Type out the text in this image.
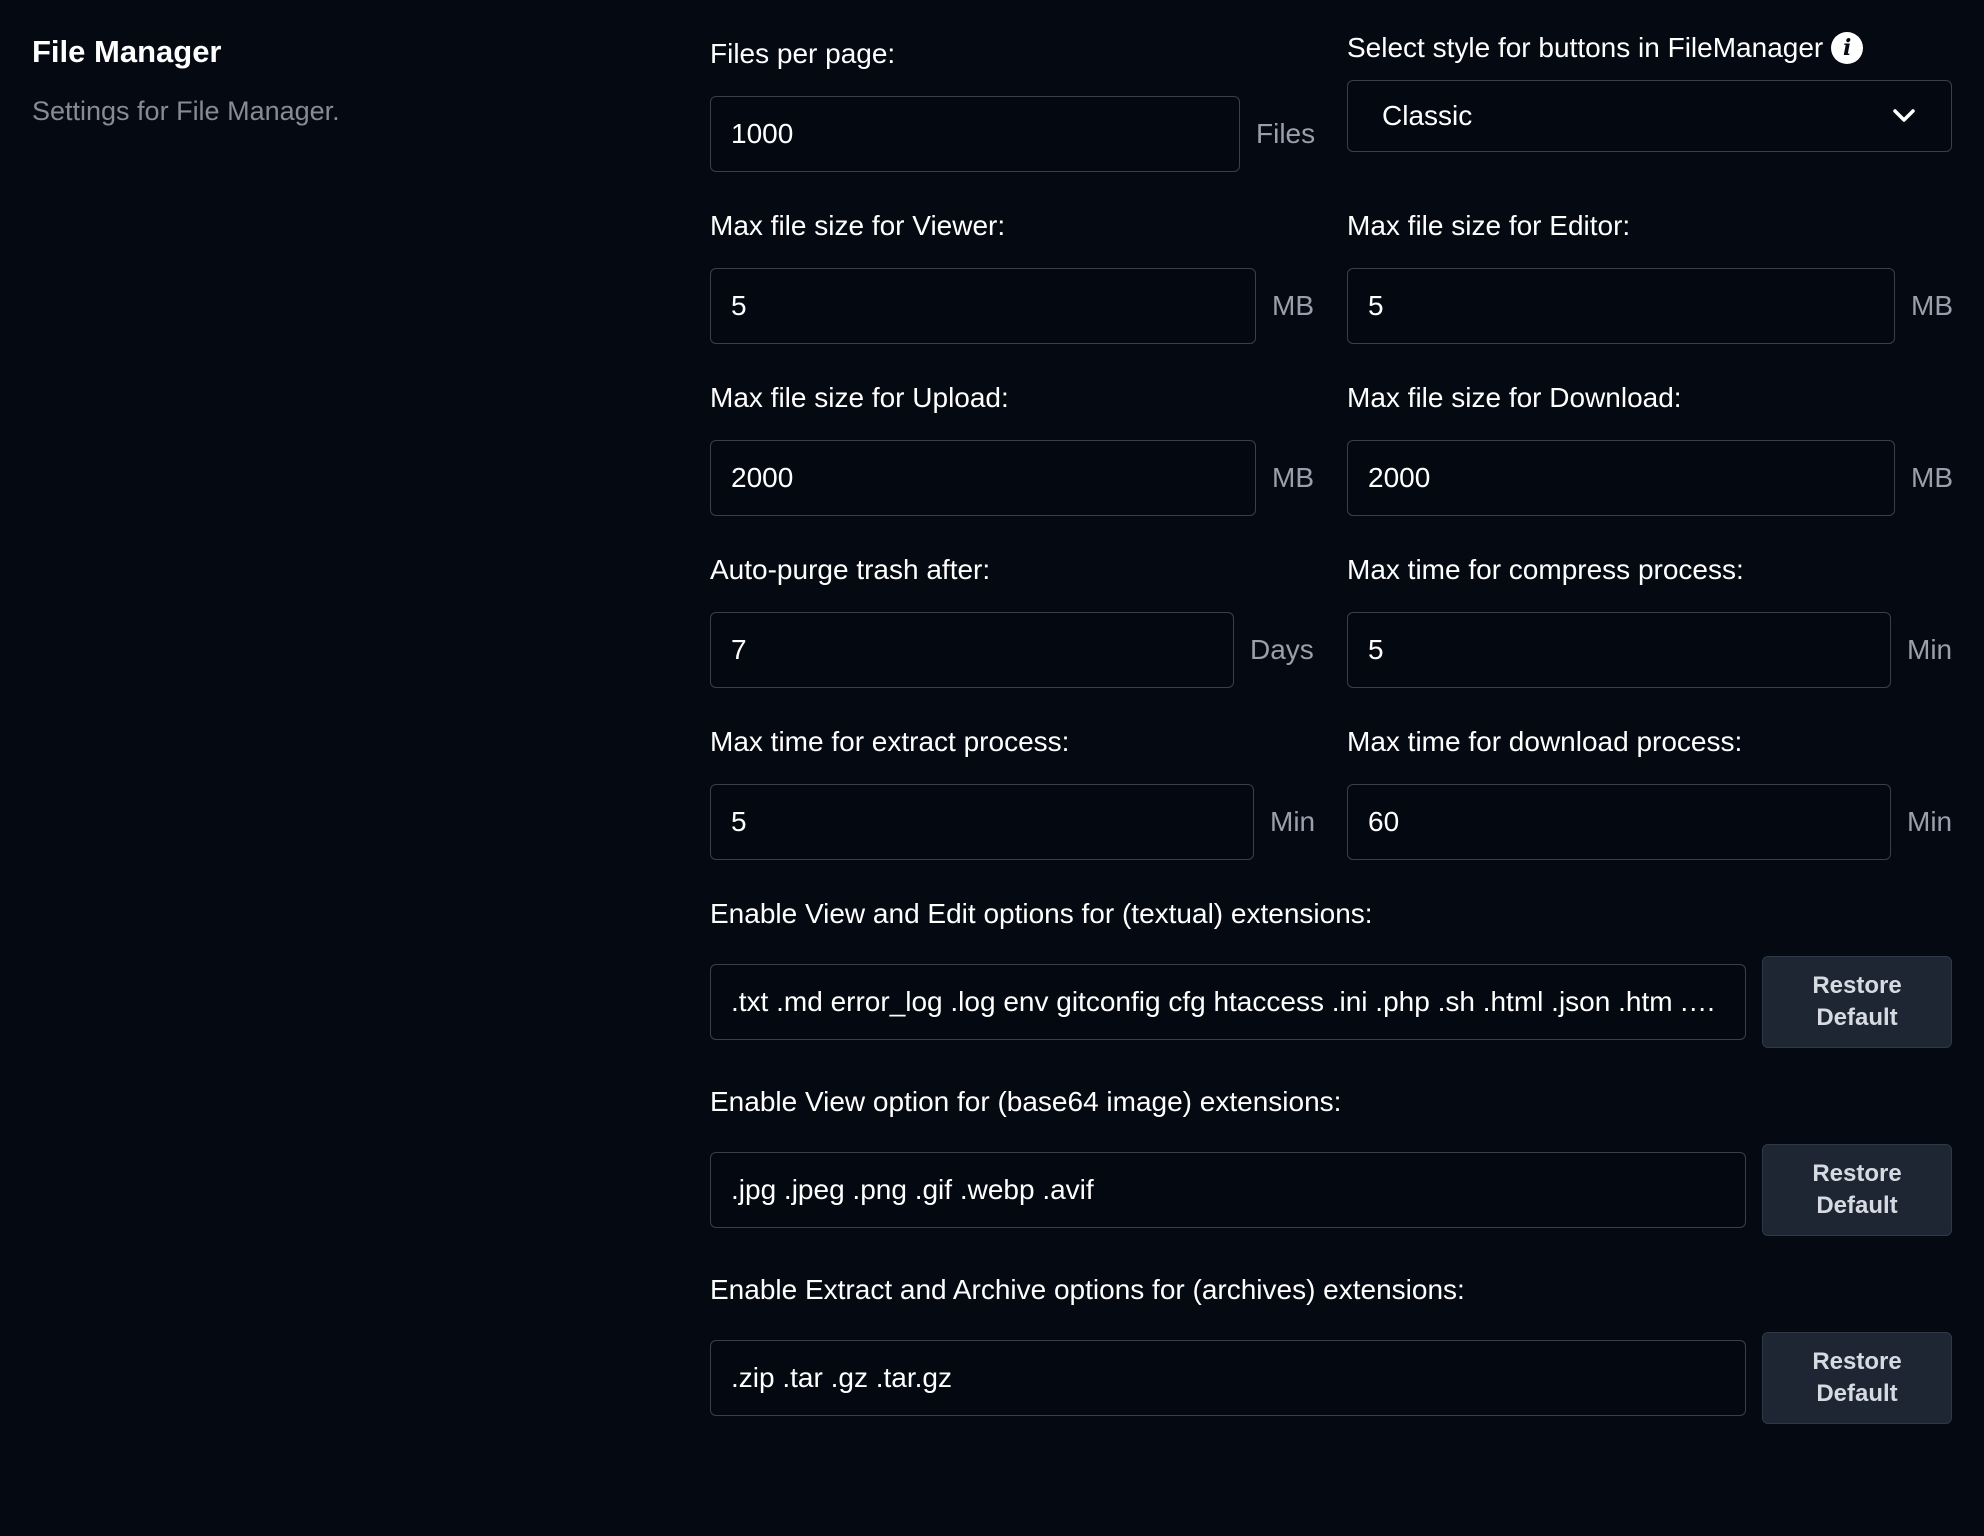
File Manager

Settings for File Manager.

Files per page:
1000
Files
Select style for buttons in FileManager i
Classic
Max file size for Viewer:
5
MB
Max file size for Editor:
5
MB
Max file size for Upload:
2000
MB
Max file size for Download:
2000
MB
Auto-purge trash after:
7
Days
Max time for compress process:
5
Min
Max time for extract process:
5
Min
Max time for download process:
60
Min
Enable View and Edit options for (textual) extensions:
.txt .md error_log .log env gitconfig cfg htaccess .ini .php .sh .html .json .htm .xml .yml .yaml .css .js .conf
Restore
Default
Enable View option for (base64 image) extensions:
.jpg .jpeg .png .gif .webp .avif
Restore
Default
Enable Extract and Archive options for (archives) extensions:
.zip .tar .gz .tar.gz
Restore
Default
